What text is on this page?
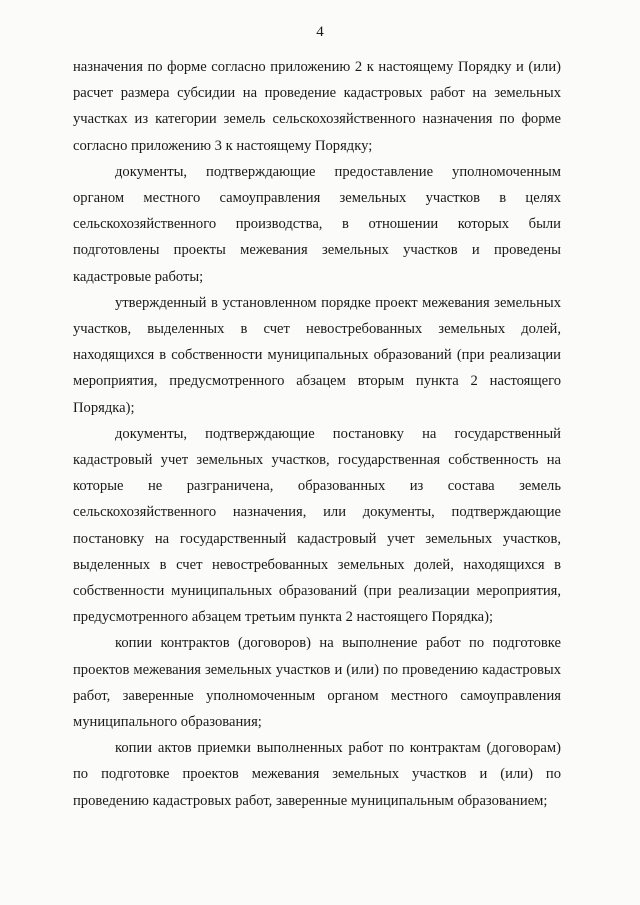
4

назначения по форме согласно приложению 2 к настоящему Порядку и (или) расчет размера субсидии на проведение кадастровых работ на земельных участках из категории земель сельскохозяйственного назначения по форме согласно приложению 3 к настоящему Порядку;

документы, подтверждающие предоставление уполномоченным органом местного самоуправления земельных участков в целях сельскохозяйственного производства, в отношении которых были подготовлены проекты межевания земельных участков и проведены кадастровые работы;

утвержденный в установленном порядке проект межевания земельных участков, выделенных в счет невостребованных земельных долей, находящихся в собственности муниципальных образований (при реализации мероприятия, предусмотренного абзацем вторым пункта 2 настоящего Порядка);

документы, подтверждающие постановку на государственный кадастровый учет земельных участков, государственная собственность на которые не разграничена, образованных из состава земель сельскохозяйственного назначения, или документы, подтверждающие постановку на государственный кадастровый учет земельных участков, выделенных в счет невостребованных земельных долей, находящихся в собственности муниципальных образований (при реализации мероприятия, предусмотренного абзацем третьим пункта 2 настоящего Порядка);

копии контрактов (договоров) на выполнение работ по подготовке проектов межевания земельных участков и (или) по проведению кадастровых работ, заверенные уполномоченным органом местного самоуправления муниципального образования;

копии актов приемки выполненных работ по контрактам (договорам) по подготовке проектов межевания земельных участков и (или) по проведению кадастровых работ, заверенные муниципальным образованием;
